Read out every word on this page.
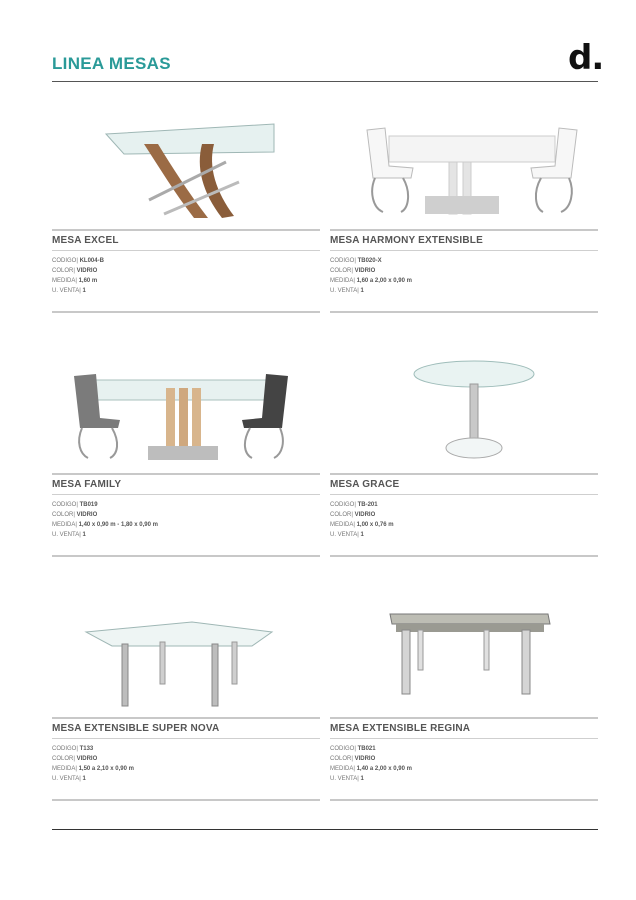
LINEA MESAS	d.
MESA EXCEL
CODIGO| KL004-B
COLOR| VIDRIO
MEDIDA| 1,60 m
U. VENTA| 1
MESA HARMONY EXTENSIBLE
CODIGO| TB020-X
COLOR| VIDRIO
MEDIDA| 1,60 a 2,00 x 0,90 m
U. VENTA| 1
MESA FAMILY
CODIGO| TB019
COLOR| VIDRIO
MEDIDA| 1,40 x 0,90 m - 1,80 x 0,90 m
U. VENTA| 1
MESA GRACE
CODIGO| TB-201
COLOR| VIDRIO
MEDIDA| 1,00 x 0,76 m
U. VENTA| 1
MESA EXTENSIBLE SUPER NOVA
CODIGO| T133
COLOR| VIDRIO
MEDIDA| 1,50 a 2,10 x 0,90 m
U. VENTA| 1
MESA EXTENSIBLE REGINA
CODIGO| TB021
COLOR| VIDRIO
MEDIDA| 1,40 a 2,00 x 0,90 m
U. VENTA| 1
